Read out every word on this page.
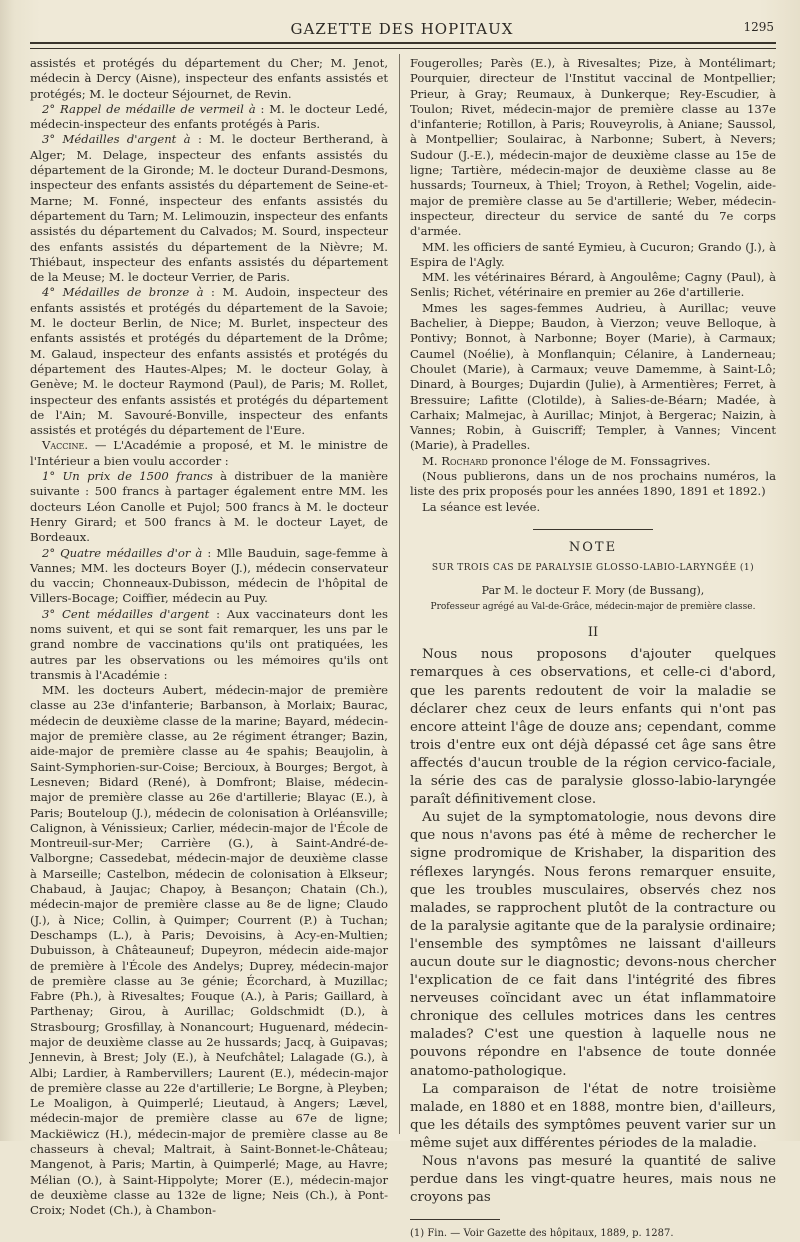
GAZETTE DES HOPITAUX	1295

assistés et protégés du département du Cher; M. Jenot, médecin à Dercy (Aisne), inspecteur des enfants assistés et protégés; M. le docteur Séjournet, de Revin.

2° Rappel de médaille de vermeil à : M. le docteur Ledé, médecin-inspecteur des enfants protégés à Paris.

3° Médailles d'argent à : M. le docteur Bertherand, à Alger; M. Delage, inspecteur des enfants assistés du département de la Gironde; M. le docteur Durand-Desmons, inspecteur des enfants assistés du département de Seine-et-Marne; M. Fonné, inspecteur des enfants assistés du département du Tarn; M. Lelimouzin, inspecteur des enfants assistés du département du Calvados; M. Sourd, inspecteur des enfants assistés du département de la Nièvre; M. Thiébaut, inspecteur des enfants assistés du département de la Meuse; M. le docteur Verrier, de Paris.

4° Médailles de bronze à : M. Audoin, inspecteur des enfants assistés et protégés du département de la Savoie; M. le docteur Berlin, de Nice; M. Burlet, inspecteur des enfants assistés et protégés du département de la Drôme; M. Galaud, inspecteur des enfants assistés et protégés du département des Hautes-Alpes; M. le docteur Golay, à Genève; M. le docteur Raymond (Paul), de Paris; M. Rollet, inspecteur des enfants assistés et protégés du département de l'Ain; M. Savouré-Bonville, inspecteur des enfants assistés et protégés du département de l'Eure.

Vaccine. — L'Académie a proposé, et M. le ministre de l'Intérieur a bien voulu accorder :

1° Un prix de 1500 francs à distribuer de la manière suivante : 500 francs à partager également entre MM. les docteurs Léon Canolle et Pujol; 500 francs à M. le docteur Henry Girard; et 500 francs à M. le docteur Layet, de Bordeaux.

2° Quatre médailles d'or à : Mlle Bauduin, sage-femme à Vannes; MM. les docteurs Boyer (J.), médecin conservateur du vaccin; Chonneaux-Dubisson, médecin de l'hôpital de Villers-Bocage; Coiffier, médecin au Puy.

3° Cent médailles d'argent : Aux vaccinateurs dont les noms suivent, et qui se sont fait remarquer, les uns par le grand nombre de vaccinations qu'ils ont pratiquées, les autres par les observations ou les mémoires qu'ils ont transmis à l'Académie :

MM. les docteurs Aubert, médecin-major de première classe au 23e d'infanterie; Barbanson, à Morlaix; Baurac, médecin de deuxième classe de la marine; Bayard, médecin-major de première classe, au 2e régiment étranger; Bazin, aide-major de première classe au 4e spahis; Beaujolin, à Saint-Symphorien-sur-Coise; Bercioux, à Bourges; Bergot, à Lesneven; Bidard (René), à Domfront; Blaise, médecin-major de première classe au 26e d'artillerie; Blayac (E.), à Paris; Bouteloup (J.), médecin de colonisation à Orléansville; Calignon, à Vénissieux; Carlier, médecin-major de l'École de Montreuil-sur-Mer; Carrière (G.), à Saint-André-de-Valborgne; Cassedebat, médecin-major de deuxième classe à Marseille; Castelbon, médecin de colonisation à Elkseur; Chabaud, à Jaujac; Chapoy, à Besançon; Chatain (Ch.), médecin-major de première classe au 8e de ligne; Claudo (J.), à Nice; Collin, à Quimper; Courrent (P.) à Tuchan; Deschamps (L.), à Paris; Devoisins, à Acy-en-Multien; Dubuisson, à Châteauneuf; Dupeyron, médecin aide-major de première à l'École des Andelys; Duprey, médecin-major de première classe au 3e génie; Écorchard, à Muzillac; Fabre (Ph.), à Rivesaltes; Fouque (A.), à Paris; Gaillard, à Parthenay; Girou, à Aurillac; Goldschmidt (D.), à Strasbourg; Grosfillay, à Nonancourt; Huguenard, médecin-major de deuxième classe au 2e hussards; Jacq, à Guipavas; Jennevin, à Brest; Joly (E.), à Neufchâtel; Lalagade (G.), à Albi; Lardier, à Rambervillers; Laurent (E.), médecin-major de première classe au 22e d'artillerie; Le Borgne, à Pleyben; Le Moaligon, à Quimperlé; Lieutaud, à Angers; Lævel, médecin-major de première classe au 67e de ligne; Mackiëwicz (H.), médecin-major de première classe au 8e chasseurs à cheval; Maltrait, à Saint-Bonnet-le-Château; Mangenot, à Paris; Martin, à Quimperlé; Mage, au Havre; Mélian (O.), à Saint-Hippolyte; Morer (E.), médecin-major de deuxième classe au 132e de ligne; Neis (Ch.), à Pont-Croix; Nodet (Ch.), à Chambon-

Fougerolles; Parès (E.), à Rivesaltes; Pize, à Montélimart; Pourquier, directeur de l'Institut vaccinal de Montpellier; Prieur, à Gray; Reumaux, à Dunkerque; Rey-Escudier, à Toulon; Rivet, médecin-major de première classe au 137e d'infanterie; Rotillon, à Paris; Rouveyrolis, à Aniane; Saussol, à Montpellier; Soulairac, à Narbonne; Subert, à Nevers; Sudour (J.-E.), médecin-major de deuxième classe au 15e de ligne; Tartière, médecin-major de deuxième classe au 8e hussards; Tourneux, à Thiel; Troyon, à Rethel; Vogelin, aide-major de première classe au 5e d'artillerie; Weber, médecin-inspecteur, directeur du service de santé du 7e corps d'armée.

MM. les officiers de santé Eymieu, à Cucuron; Grando (J.), à Espira de l'Agly.

MM. les vétérinaires Bérard, à Angoulême; Cagny (Paul), à Senlis; Richet, vétérinaire en premier au 26e d'artillerie.

Mmes les sages-femmes Audrieu, à Aurillac; veuve Bachelier, à Dieppe; Baudon, à Vierzon; veuve Belloque, à Pontivy; Bonnot, à Narbonne; Boyer (Marie), à Carmaux; Caumel (Noélie), à Monflanquin; Célanire, à Landerneau; Choulet (Marie), à Carmaux; veuve Damemme, à Saint-Lô; Dinard, à Bourges; Dujardin (Julie), à Armentières; Ferret, à Bressuire; Lafitte (Clotilde), à Salies-de-Béarn; Madée, à Carhaix; Malmejac, à Aurillac; Minjot, à Bergerac; Naizin, à Vannes; Robin, à Guiscriff; Templer, à Vannes; Vincent (Marie), à Pradelles.

M. Rochard prononce l'éloge de M. Fonssagrives.

(Nous publierons, dans un de nos prochains numéros, la liste des prix proposés pour les années 1890, 1891 et 1892.)

La séance est levée.

NOTE
SUR TROIS CAS DE PARALYSIE GLOSSO-LABIO-LARYNGÉE (1)
Par M. le docteur F. Mory (de Bussang),
Professeur agrégé au Val-de-Grâce, médecin-major de première classe.
II

Nous nous proposons d'ajouter quelques remarques à ces observations, et celle-ci d'abord, que les parents redoutent de voir la maladie se déclarer chez ceux de leurs enfants qui n'ont pas encore atteint l'âge de douze ans; cependant, comme trois d'entre eux ont déjà dépassé cet âge sans être affectés d'aucun trouble de la région cervico-faciale, la série des cas de paralysie glosso-labio-laryngée paraît définitivement close.

Au sujet de la symptomatologie, nous devons dire que nous n'avons pas été à même de rechercher le signe prodromique de Krishaber, la disparition des réflexes laryngés. Nous ferons remarquer ensuite, que les troubles musculaires, observés chez nos malades, se rapprochent plutôt de la contracture ou de la paralysie agitante que de la paralysie ordinaire; l'ensemble des symptômes ne laissant d'ailleurs aucun doute sur le diagnostic; devons-nous chercher l'explication de ce fait dans l'intégrité des fibres nerveuses coïncidant avec un état inflammatoire chronique des cellules motrices dans les centres malades? C'est une question à laquelle nous ne pouvons répondre en l'absence de toute donnée anatomo-pathologique.

La comparaison de l'état de notre troisième malade, en 1880 et en 1888, montre bien, d'ailleurs, que les détails des symptômes peuvent varier sur un même sujet aux différentes périodes de la maladie.

Nous n'avons pas mesuré la quantité de salive perdue dans les vingt-quatre heures, mais nous ne croyons pas

(1) Fin. — Voir Gazette des hôpitaux, 1889, p. 1287.
